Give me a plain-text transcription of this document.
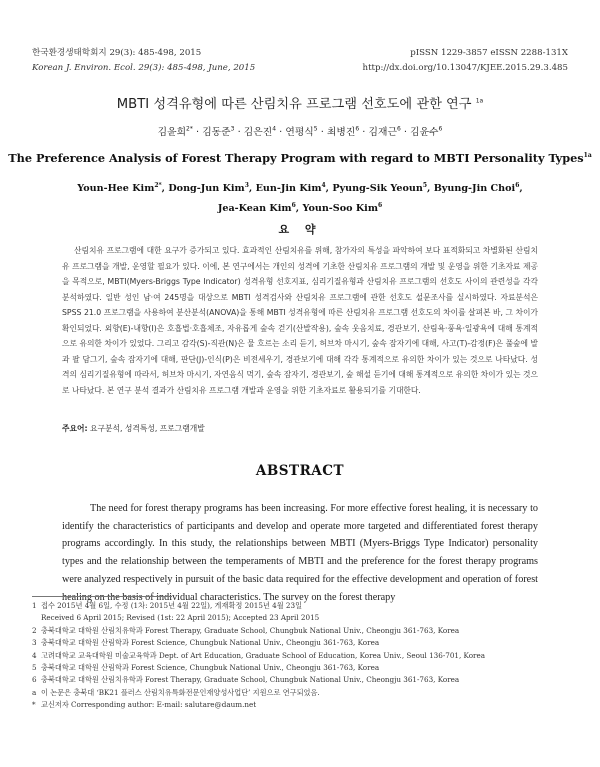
한국환경생태학회지 29(3): 485-498, 2015
Korean J. Environ. Ecol. 29(3): 485-498, June, 2015
pISSN 1229-3857 eISSN 2288-131X
http://dx.doi.org/10.13047/KJEE.2015.29.3.485
MBTI 성격유형에 따른 산림치유 프로그램 선호도에 관한 연구 $^{1a}$
김윤희$^{2*}$ · 김동준$^3$ · 김은진$^4$ · 연평식$^5$ · 최병진$^6$ · 김재근$^6$ · 김윤수$^6$
The Preference Analysis of Forest Therapy Program with regard to MBTI Personality Types$^{1a}$
Youn-Hee Kim$^{2*}$, Dong-Jun Kim$^3$, Eun-Jin Kim$^4$, Pyung-Sik Yeoun$^5$, Byung-Jin Choi$^6$, Jea-Kean Kim$^6$, Youn-Soo Kim$^6$
요 약
산림치유 프로그램에 대한 요구가 증가되고 있다. 효과적인 산림치유를 위해, 참가자의 특성을 파악하여 보다 표적화되고 차별화된 산림치유 프로그램을 개발, 운영할 필요가 있다. 이에, 본 연구에서는 개인의 성격에 기초한 산림치유 프로그램의 개발 및 운영을 위한 기초자료 제공을 목적으로, MBTI(Myers-Briggs Type Indicator) 성격유형 선호지표, 심리기질유형과 산림치유 프로그램의 선호도 사이의 관련성을 각각 분석하였다. 일반 성인 남·여 245명을 대상으로 MBTI 성격검사와 산림치유 프로그램에 관한 선호도 설문조사를 실시하였다. 자료분석은 SPSS 21.0 프로그램을 사용하여 분산분석(ANOVA)을 통해 MBTI 성격유형에 따른 산림치유 프로그램 선호도의 차이를 살펴본 바, 그 차이가 확인되었다. 외향(E)-내향(I)은 호흡법·호흡체조, 자유롭게 숲속 걷기(산발작용), 숲속 웃음치료, 경관보기, 산림욕·풍욕·일광욕에 대해 통계적으로 유의한 차이가 있었다. 그리고 감각(S)-직관(N)은 물 흐르는 소리 듣기, 허브차 마시기, 숲속 잠자기에 대해, 사고(T)-감정(F)은 풀숲에 발과 팔 담그기, 숲속 잠자기에 대해, 판단(J)-인식(P)은 비전세우기, 경관보기에 대해 각각 통계적으로 유의한 차이가 있는 것으로 나타났다. 성격의 심리기질유형에 따라서, 허브차 마시기, 자연음식 먹기, 숲속 잠자기, 경관보기, 숲 해설 듣기에 대해 통계적으로 유의한 차이가 있는 것으로 나타났다. 본 연구 분석 결과가 산림치유 프로그램 개발과 운영을 위한 기초자료로 활용되기를 기대한다.
주요어: 요구분석, 성격특성, 프로그램개발
ABSTRACT
The need for forest therapy programs has been increasing. For more effective forest healing, it is necessary to identify the characteristics of participants and develop and operate more targeted and differentiated forest therapy programs accordingly. In this study, the relationships between MBTI (Myers-Briggs Type Indicator) personality types and the relationship between the temperaments of MBTI and the preference for the forest therapy programs were analyzed respectively in pursuit of the basic data required for the effective development and operation of forest healing on the basis of individual characteristics. The survey on the forest therapy
1 접수 2015년 4월 6일, 수정 (1차: 2015년 4월 22일), 게재확정 2015년 4월 23일
Received 6 April 2015; Revised (1st: 22 April 2015); Accepted 23 April 2015
2 충북대학교 대학원 산림치유학과 Forest Therapy, Graduate School, Chungbuk National Univ., Cheongju 361-763, Korea
3 충북대학교 대학원 산림학과 Forest Science, Chungbuk National Univ., Cheongju 361-763, Korea
4 고려대학교 교육대학원 미술교육학과 Dept. of Art Education, Graduate School of Education, Korea Univ., Seoul 136-701, Korea
5 충북대학교 대학원 산림학과 Forest Science, Chungbuk National Univ., Cheongju 361-763, Korea
6 충북대학교 대학원 산림치유학과 Forest Therapy, Graduate School, Chungbuk National Univ., Cheongju 361-763, Korea
a 이 논문은 충북대 ‘BK21 플러스 산림치유특화전문인재양성사업단’ 지원으로 연구되었음.
* 교신저자 Corresponding author: E-mail: salutare@daum.net
